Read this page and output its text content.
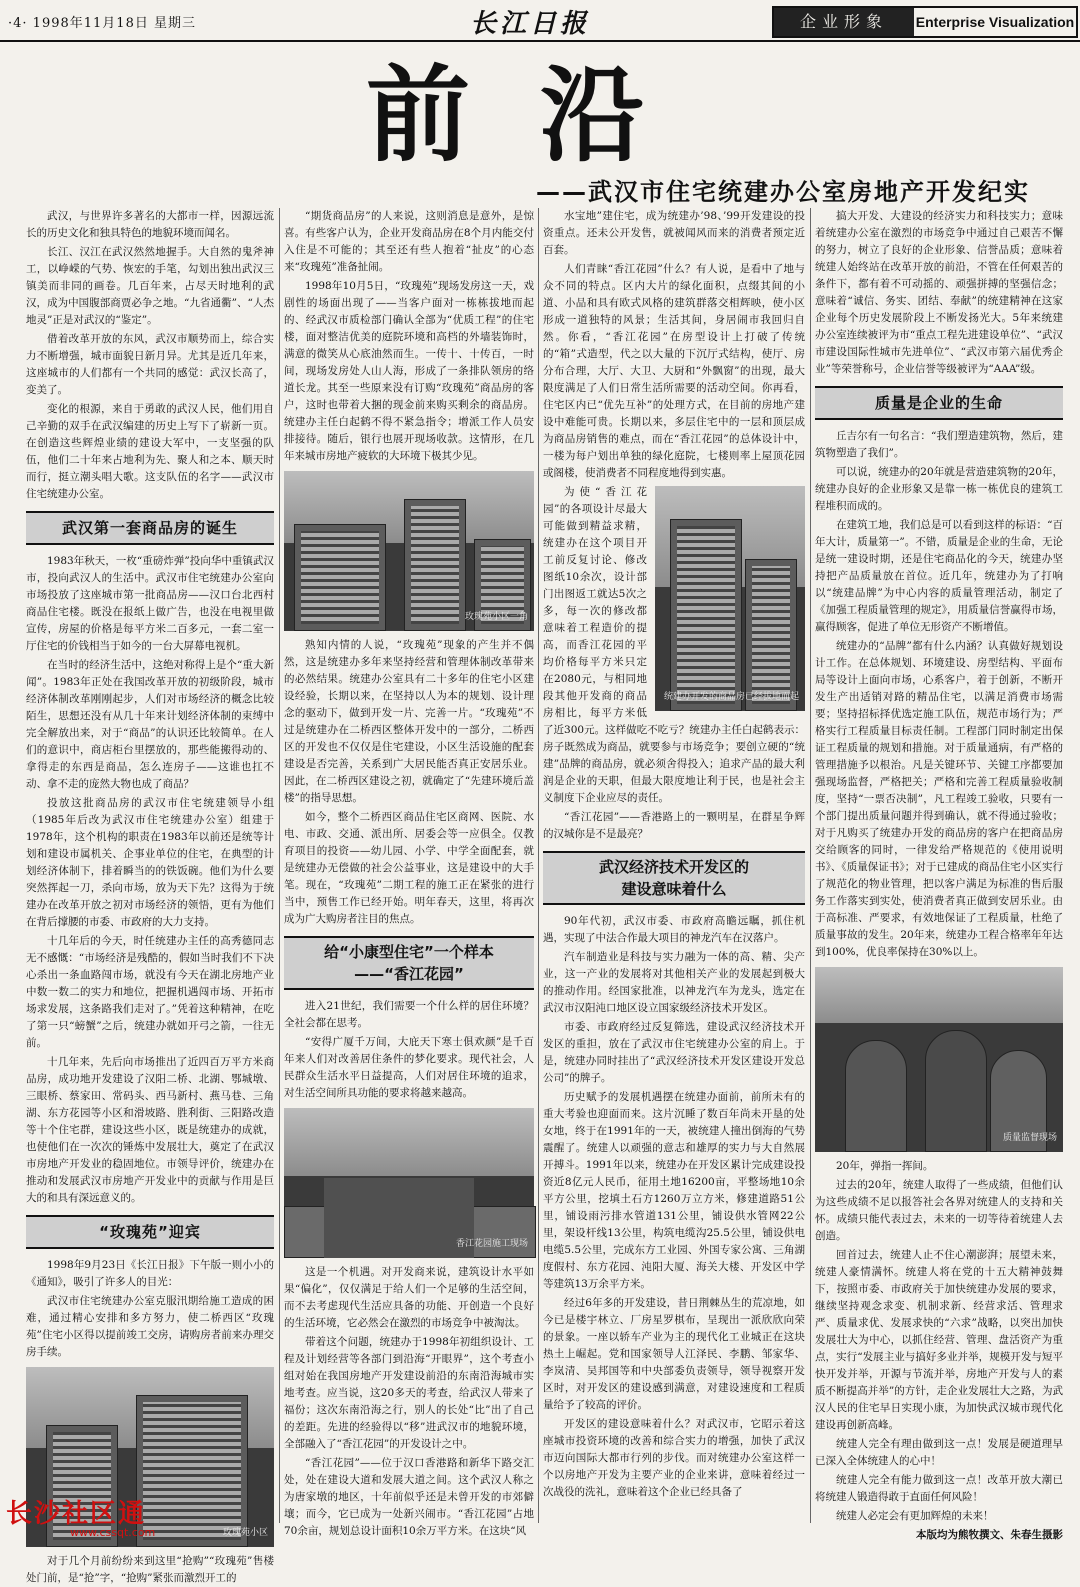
·4· 1998年11月18日 星期三	长江日报	企业形象	Enterprise Visualization
前沿
——武汉市住宅统建办公室房地产开发纪实

武汉，与世界许多著名的大都市一样，因源远流长的历史文化和独具特色的地貌环境而闻名。

长江、汉江在武汉然然地握手。大自然的鬼斧神工，以峥嵘的气势、恢宏的手笔，勾划出独出武汉三镇美而非同的画卷。几百年来，占尽天时地利的武汉，成为中国腹部商贾必争之地。“九省通衢”、“人杰地灵”正是对武汉的“鉴定”。

借着改革开放的东风，武汉市顺势而上，综合实力不断增强，城市面貌日新月异。尤其是近几年来，这座城市的人们都有一个共同的感觉：武汉长高了，变美了。

变化的根源，来自于勇敢的武汉人民，他们用自己辛勤的双手在武汉编建的历史上写下了崭新一页。在创造这些辉煌业绩的建设大军中，一支坚强的队伍，他们二十年来占地利为先、聚人和之本、顺天时而行，挺立潮头唱大歌。这支队伍的名字——武汉市住宅统建办公室。

武汉第一套商品房的诞生

1983年秋天，一枚“重磅炸弹”投向华中重镇武汉市，投向武汉人的生活中。武汉市住宅统建办公室向市场投放了这座城市第一批商品房——汉口台北西村商品住宅楼。既没在报纸上做广告，也没在电视里做宣传，房屋的价格是每平方米二百多元，一套二室一厅住宅的价钱相当于如今的一台大屏幕电视机。

在当时的经济生活中，这绝对称得上是个“重大新闻”。1983年正处在我国改革开放的初级阶段，城市经济体制改革刚刚起步，人们对市场经济的概念比较陌生，思想还没有从几十年来计划经济体制的束缚中完全解放出来，对于“商品”的认识还比较简单。在人们的意识中，商店柜台里摆放的，那些能搬得动的、拿得走的东西是商品，怎么连房子——这谁也扛不动、拿不走的庞然大物也成了商品？

投放这批商品房的武汉市住宅统建领导小组（1985年后改为武汉市住宅统建办公室）组建于1978年，这个机构的职责在1983年以前还是统等计划和建设市属机关、企事业单位的住宅，在典型的计划经济体制下，排着瞬当的的铁饭碗。他们为什么要突然挥起一刀，杀向市场，放为天下先？这得为于统建办在改革开放之初对市场经济的领悟，更有为他们在背后撑腰的市委、市政府的大力支持。

十几年后的今天，时任统建办主任的高秀德同志无不感慨：“市场经济是残酷的，假如当时我们不下决心杀出一条血路闯市场，就没有今天在湖北房地产业中数一数二的实力和地位，把握机遇闯市场、开拓市场求发展，这条路我们走对了。”凭着这种精神，在吃了第一只“螃蟹”之后，统建办就如开弓之箭，一往无前。

十几年来，先后向市场推出了近四百万平方米商品房，成功地开发建设了汉阳二桥、北湖、鄂城墩、三眼桥、蔡家田、常码头、西马新村、燕马巷、三角湖、东方花园等小区和滑坡路、胜利街、三阳路改造等十个住宅群，建设这些小区，既是统建办的成就，也使他们在一次次的锤炼中发展壮大，奠定了在武汉市房地产开发业的稳固地位。市领导评价，统建办在推动和发展武汉市房地产开发业中的贡献与作用是巨大的和具有深远意义的。

“玫瑰苑”迎宾

1998年9月23日《长江日报》下午版一则小小的《通知》，吸引了许多人的目光：

武汉市住宅统建办公室克服汛期给施工造成的困难，通过精心安排和多方努力，使二桥西区“玫瑰苑”住宅小区得以提前竣工交房，请购房者前来办理交房手续。

玫瑰苑小区

对于几个月前纷纷来到这里“抢购”“玫瑰苑”售楼处门前，是“抢”字，“抢购”紧张而激烈开工的

“期货商品房”的人来说，这则消息是意外，是惊喜。有些客户认为，企业开发商品房在8个月内能交付入住是不可能的；其至还有些人抱着“扯皮”的心态来“玫瑰苑”准备扯闹。

1998年10月5日，“玫瑰苑”现场发房这一天，戏剧性的场面出现了——当客户面对一栋栋拔地而起的、经武汉市质检部门确认全部为“优质工程”的住宅楼，面对整洁优美的庭院环境和高档的外墙装饰时，满意的微笑从心底油然而生。一传十、十传百，一时间，现场发房处人山人海，形成了一条排队领房的络道长龙。其至一些原来没有订购“玫瑰苑”商品房的客户，这时也带着大捆的现金前来购买剩余的商品房。统建办主任白起鹤不得不紧急指令；增派工作人员安排接待。随后，银行也展开现场收款。这情形，在几年来城市房地产疲软的大环境下极其少见。

玫瑰苑小区一角

熟知内情的人说，“玫瑰苑”现象的产生并不偶然，这是统建办多年来坚持经营和管理体制改革带来的必然结果。统建办公室具有二十多年的住宅小区建设经验，长期以来，在坚持以人为本的规划、设计理念的驱动下，做到开发一片、完善一片。“玫瑰苑”不过是统建办在二桥西区整体开发中的一部分，二桥西区的开发也不仅仅是住宅建设，小区生活设施的配套建设是否完善，关系到广大居民能否真正安居乐业。因此，在二桥西区建设之初，就确定了“先建环境后盖楼”的指导思想。

如今，整个二桥西区商品住宅区商网、医院、水电、市政、交通、派出所、居委会等一应俱全。仅教育项目的投资——幼儿园、小学、中学全面配套，就是统建办无偿做的社会公益事业，这是建设中的大手笔。现在，“玫瑰苑”二期工程的施工正在紧张的进行当中，预售工作已经开始。明年春天，这里，将再次成为广大购房者注目的焦点。

给“小康型住宅”一个样本
——“香江花园”

进入21世纪，我们需要一个什么样的居住环境？全社会都在思考。

“安得广厦千万间，大庇天下寒士俱欢颜”是千百年来人们对改善居住条件的梦化要求。现代社会，人民群众生活水平日益提高，人们对居住环境的追求，对生活空间所具功能的要求将越来越高。

香江花园施工现场

这是一个机遇。对开发商来说，建筑设计水平如果“偏化”，仅仅满足于给人们一个足够的生活空间，而不去考虑现代生活应具备的功能、开创造一个良好的生活环境，它必然会在激烈的市场竞争中被淘汰。

带着这个问题，统建办于1998年初组织设计、工程及计划经营等各部门到沿海“开眼界”，这个考查小组对始在我国房地产开发建设前沿的东南沿海城市实地考查。应当说，这20多天的考查，给武汉人带来了福份；这次东南沿海之行，别人的长处“比”出了自己的差距。先进的经验得以“移”进武汉市的地貌环境，全部融入了“香江花园”的开发设计之中。

“香江花园”——位于汉口香港路和新华下路交汇处，处在建设大道和发展大道之间。这个武汉人称之为唐家墩的地区，十年前似乎还是未曾开发的市郊僻壤；而今，它已成为一处新兴闹市。“香江花园”占地70余亩，规划总设计面积10余万平方米。在这块“风

水宝地”建住宅，成为统建办’98、’99开发建设的投资重点。还未公开发售，就被闻风而来的消费者预定近百套。

人们青睐“香江花园”什么？有人说，是看中了地与众不同的特点。区内大片的绿化面积，点缀其间的小道、小品和具有欧式风格的建筑群落交相辉映，使小区形成一道独特的风景；生活其间，身居闹市我回归自然。你看，“香江花园”在房型设计上打破了传统的“箱”式造型，代之以大量的下沉厅式结构，使厅、房分布合理，大厅、大卫、大厨和“外飘窗”的出现，最大限度满足了人们日常生活所需要的活动空间。你再看，住宅区内已“优先互补”的处理方式，在目前的房地产建设中难能可贵。长期以来，多层住宅中的一层和顶层成为商品房销售的难点，而在“香江花园”的总体设计中，一楼为每户划出单独的绿化庭院，七楼则率上屋顶花园或阁楼，使消费者不同程度地得到实惠。

统建办开发的商品房已经拔地而起

为使“香江花园”的各项设计尽最大可能做到精益求精，统建办在这个项目开工前反复讨论、修改图纸10余次，设计部门出图返工就达5次之多，每一次的修改都意味着工程造价的提高，而香江花园的平均价格每平方米只定在2080元，与相同地段其他开发商的商品房相比，每平方米低了近300元。这样做吃不吃亏？统建办主任白起鹤表示：房子既然成为商品，就要参与市场竞争；要创立硬的“统建”品牌的商品房，就必须舍得投入；追求产品的最大利润是企业的天职，但最大限度地让利于民，也是社会主义制度下企业应尽的责任。

“香江花园”——香港路上的一颗明星，在群星争辉的汉城你是不是最亮？

武汉经济技术开发区的
建设意味着什么

90年代初，武汉市委、市政府高瞻远瞩，抓住机遇，实现了中法合作最大项目的神龙汽车在汉落户。

汽车制造业是科技与实力融为一体的高、精、尖产业，这一产业的发展将对其他相关产业的发展起到极大的推动作用。经国家批准，以神龙汽车为龙头，选定在武汉市汉阳沌口地区设立国家级经济技术开发区。

市委、市政府经过反复筛选，建设武汉经济技术开发区的重担，放在了武汉市住宅统建办公室的肩上。于是，统建办同时挂出了“武汉经济技术开发区建设开发总公司”的牌子。

历史赋予的发展机遇摆在统建办面前，前所未有的重大考验也迎面而来。这片沉睡了数百年尚未开垦的处女地，终于在1991年的一天，被统建人撞出倒海的气势震醒了。统建人以顽强的意志和雄厚的实力与大自然展开搏斗。1991年以来，统建办在开发区累计完成建设投资近8亿元人民币，征用土地16200亩，平整场地10余平方公里，挖填土石方1260万立方米，修建道路51公里，铺设雨污排水管道131公里，铺设供水管网22公里，架设杆线13公里，构筑电缆沟25.5公里，铺设供电电缆5.5公里，完成东方工业园、外国专家公寓、三角湖度假村、东方花园、沌阳大厦、海关大楼、开发区中学等建筑13万余平方米。

经过6年多的开发建设，昔日荆棘丛生的荒凉地，如今已是楼宇林立、厂房星罗棋布，呈现出一派欣欣向荣的景象。一座以轿车产业为主的现代化工业城正在这块热土上崛起。党和国家领导人江泽民、李鹏、邹家华、李岚清、吴邦国等和中央部委负责领导，领导视察开发区时，对开发区的建设感到满意，对建设速度和工程质量给予了较高的评价。

开发区的建设意味着什么？对武汉市，它昭示着这座城市投资环境的改善和综合实力的增强，加快了武汉市迈向国际大都市行列的步伐。而对统建办公室这样一个以房地产开发为主要产业的企业来讲，意味着经过一次战役的洗礼，意味着这个企业已经具备了

搞大开发、大建设的经济实力和科技实力；意味着统建办公室在激烈的市场竞争中通过自己艰苦不懈的努力，树立了良好的企业形象、信誉品质；意味着统建人始终站在改革开放的前沿，不管在任何艰苦的条件下，都有着不可动摇的、顽强拼搏的坚强信念；意味着“诚信、务实、团结、奉献”的统建精神在这家企业每个历史发展阶段上不断发扬光大。5年来统建办公室连续被评为市“重点工程先进建设单位”、“武汉市建设国际性城市先进单位”、“武汉市第六届优秀企业”等荣誉称号，企业信誉等级被评为“AAA”级。

质量是企业的生命

丘吉尔有一句名言：“我们塑造建筑物，然后，建筑物塑造了我们”。

可以说，统建办的20年就是营造建筑物的20年，统建办良好的企业形象又是靠一栋一栋优良的建筑工程堆积而成的。

在建筑工地，我们总是可以看到这样的标语：“百年大计，质量第一”。不错，质量是企业的生命，无论是统一建设时期，还是住宅商品化的今天，统建办坚持把产品质量放在首位。近几年，统建办为了打响以“统建品牌”为中心内容的质量管理活动，制定了《加强工程质量管理的规定》，用质量信誉赢得市场，赢得顾客，促进了单位无形资产不断增值。

统建办的“品牌”都有什么内涵？认真做好规划设计工作。在总体规划、环境建设、房型结构、平面布局等设计上面向市场，心系客户，着于创新，不断开发生产出适销对路的精品住宅，以满足消费市场需要；坚持招标择优选定施工队伍，规范市场行为；严格实行工程质量目标责任制。工程部门同时制定出保证工程质量的规划和措施。对于质量通病，有严格的管理措施予以根治。凡是关键环节、关键工序都要加强现场监督，严格把关；严格和完善工程质量验收制度，坚持“一票否决制”，凡工程竣工验收，只要有一个部门提出质量问题并得到确认，就不得通过验收；对于凡购买了统建办开发的商品房的客户在把商品房交给顾客的同时，一律发给严格规范的《使用说明书》、《质量保证书》；对于已建成的商品住宅小区实行了规范化的物业管理，把以客户满足为标准的售后服务工作落实到实处，使消费者真正做到安居乐业。由于高标准、严要求，有效地保证了工程质量，杜绝了质量事故的发生。20年来，统建办工程合格率年年达到100%，优良率保持在30%以上。

质量监督现场

20年，弹指一挥间。

过去的20年，统建人取得了一些成绩，但他们认为这些成绩不足以报答社会各界对统建人的支持和关怀。成绩只能代表过去，未来的一切等待着统建人去创造。

回首过去，统建人止不住心潮澎湃；展望未来，统建人豪情满怀。统建人将在党的十五大精神鼓舞下，按照市委、市政府关于加快统建办发展的要求，继续坚持观念求变、机制求新、经营求活、管理求严、质量求优、发展求快的“六求”战略，以突出加快发展壮大为中心，以抓住经营、管理、盘活资产为重点，实行“发展主业与搞好多业并举，规模开发与短平快开发并举，开源与节流并举，房地产开发与人的素质不断提高并举”的方针，走企业发展壮大之路，为武汉人民的住宅早日实现小康，为加快武汉城市现代化建设再创新高峰。

统建人完全有理由做到这一点！发展是硬道理早已深入全体统建人的心中！

统建人完全有能力做到这一点！改革开放大潮已将统建人锻造得敢于直面任何风险！

统建人必定会有更加辉煌的未来！

本版均为熊牧撰文、朱春生摄影
长沙社区通
www.cssqt.com
